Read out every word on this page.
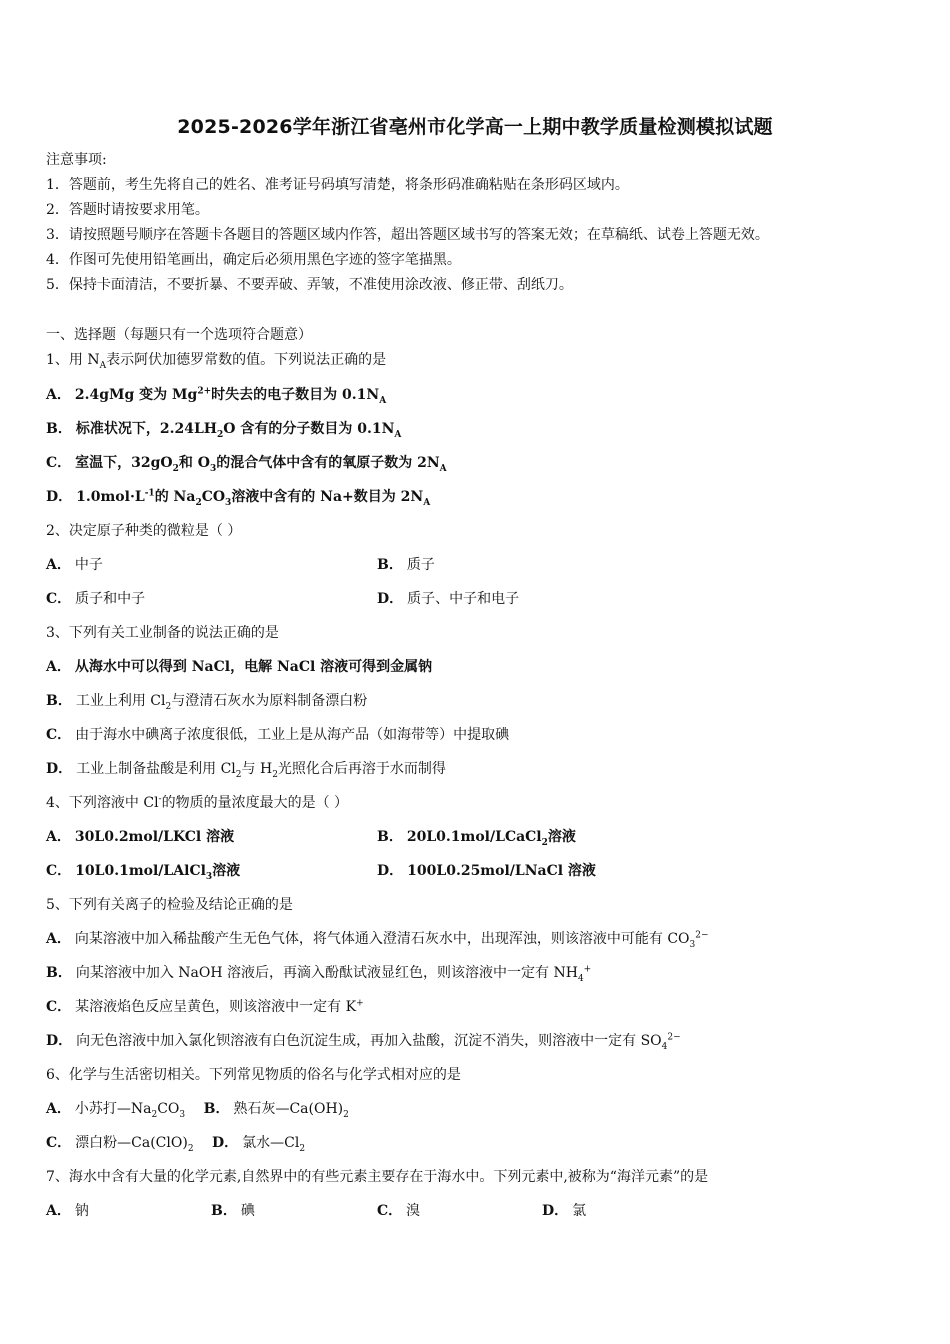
2025-2026学年浙江省亳州市化学高一上期中教学质量检测模拟试题
注意事项:
1．答题前，考生先将自己的姓名、准考证号码填写清楚，将条形码准确粘贴在条形码区域内。
2．答题时请按要求用笔。
3．请按照题号顺序在答题卡各题目的答题区域内作答，超出答题区域书写的答案无效；在草稿纸、试卷上答题无效。
4．作图可先使用铅笔画出，确定后必须用黑色字迹的签字笔描黑。
5．保持卡面清洁，不要折暴、不要弄破、弄皱，不准使用涂改液、修正带、刮纸刀。
一、选择题（每题只有一个选项符合题意）
1、用 $N_A$表示阿伏加德罗常数的值。下列说法正确的是
A． 2.4gMg 变为 $Mg^{2+}$时失去的电子数目为 $0.1N_A$
B． 标准状况下，$2.24LH_2O$ 含有的分子数目为 $0.1N_A$
C． 室温下，$32gO_2$和 $O_3$的混合气体中含有的氧原子数为 $2N_A$
D． $1.0mol\cdot L^{-1}$的 $Na_2CO_3$溶液中含有的 Na+数目为 $2N_A$
2、决定原子种类的微粒是（ ）
A． 中子	B． 质子
C． 质子和中子	D． 质子、中子和电子
3、下列有关工业制备的说法正确的是
A． 从海水中可以得到 NaCl，电解 NaCl 溶液可得到金属钠
B． 工业上利用 $Cl_2$与澄清石灰水为原料制备漂白粉
C． 由于海水中碘离子浓度很低，工业上是从海产品（如海带等）中提取碘
D． 工业上制备盐酸是利用 $Cl_2$与 $H_2$光照化合后再溶于水而制得
4、下列溶液中 Cl-的物质的量浓度最大的是（ ）
A． 30L0.2mol/LKCl 溶液	B． 20L0.1mol/LCaCl$_2$溶液
C． 10L0.1mol/LAlCl$_3$溶液	D． 100L0.25mol/LNaCl 溶液
5、下列有关离子的检验及结论正确的是
A． 向某溶液中加入稀盐酸产生无色气体，将气体通入澄清石灰水中，出现浑浊，则该溶液中可能有 $CO_3^{2-}$
B． 向某溶液中加入 NaOH 溶液后，再滴入酚酞试液显红色，则该溶液中一定有 $NH_4^+$
C． 某溶液焰色反应呈黄色，则该溶液中一定有 K+
D． 向无色溶液中加入氯化钡溶液有白色沉淀生成，再加入盐酸，沉淀不消失，则溶液中一定有 $SO_4^{2-}$
6、化学与生活密切相关。下列常见物质的俗名与化学式相对应的是
A． 小苏打$—Na_2CO_3$ B． 熟石灰$—Ca(OH)_2$
C． 漂白粉$—Ca(ClO)_2$ D． 氯水$—Cl_2$
7、海水中含有大量的化学元素,自然界中的有些元素主要存在于海水中。下列元素中,被称为“海洋元素”的是
A． 钠	B． 碘	C． 溴	D． 氯
